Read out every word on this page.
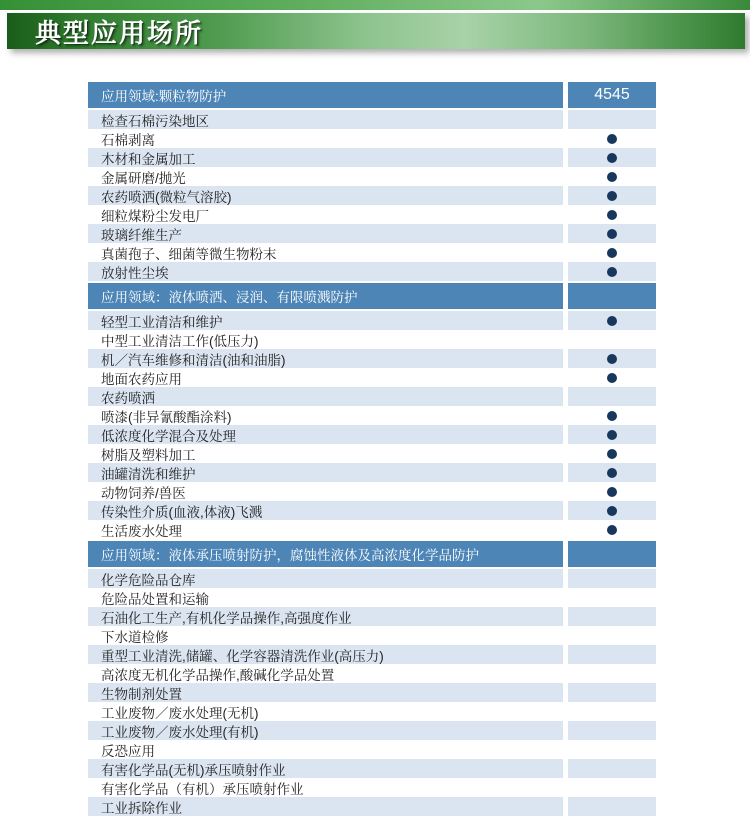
典型应用场所
应用领域:颗粒物防护	4545
检查石棉污染地区
石棉剥离
木材和金属加工
金属研磨/抛光
农药喷洒(微粒气溶胶)
细粒煤粉尘发电厂
玻璃纤维生产
真菌孢子、细菌等微生物粉末
放射性尘埃
应用领域：液体喷洒、浸润、有限喷溅防护
轻型工业清洁和维护
中型工业清洁工作(低压力)
机／汽车维修和清洁(油和油脂)
地面农药应用
农药喷洒
喷漆(非异氰酸酯涂料)
低浓度化学混合及处理
树脂及塑料加工
油罐清洗和维护
动物饲养/兽医
传染性介质(血液,体液)飞溅
生活废水处理
应用领域：液体承压喷射防护，腐蚀性液体及高浓度化学品防护
化学危险品仓库
危险品处置和运输
石油化工生产,有机化学品操作,高强度作业
下水道检修
重型工业清洗,储罐、化学容器清洗作业(高压力)
高浓度无机化学品操作,酸碱化学品处置
生物制剂处置
工业废物／废水处理(无机)
工业废物／废水处理(有机)
反恐应用
有害化学品(无机)承压喷射作业
有害化学品（有机）承压喷射作业
工业拆除作业
